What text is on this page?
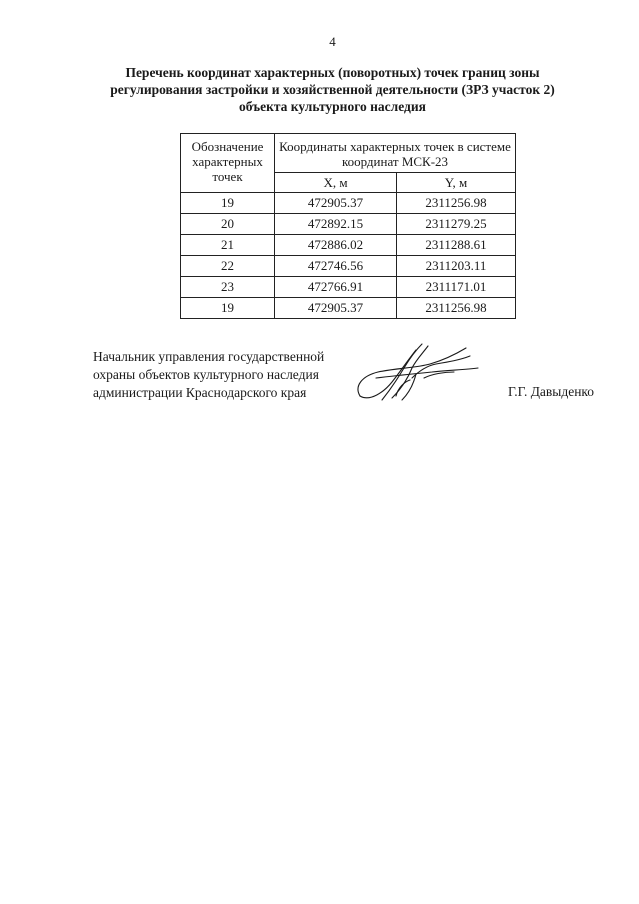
4
Перечень координат характерных (поворотных) точек границ зоны
регулирования застройки и хозяйственной деятельности (ЗРЗ участок 2)
объекта культурного наследия
Обозначение характерных точек	Координаты характерных точек в системе координат МСК-23	
	X, м	Y, м
19	472905.37	2311256.98
20	472892.15	2311279.25
21	472886.02	2311288.61
22	472746.56	2311203.11
23	472766.91	2311171.01
19	472905.37	2311256.98
Начальник управления государственной
охраны объектов культурного наследия
администрации Краснодарского края	Г.Г. Давыденко
